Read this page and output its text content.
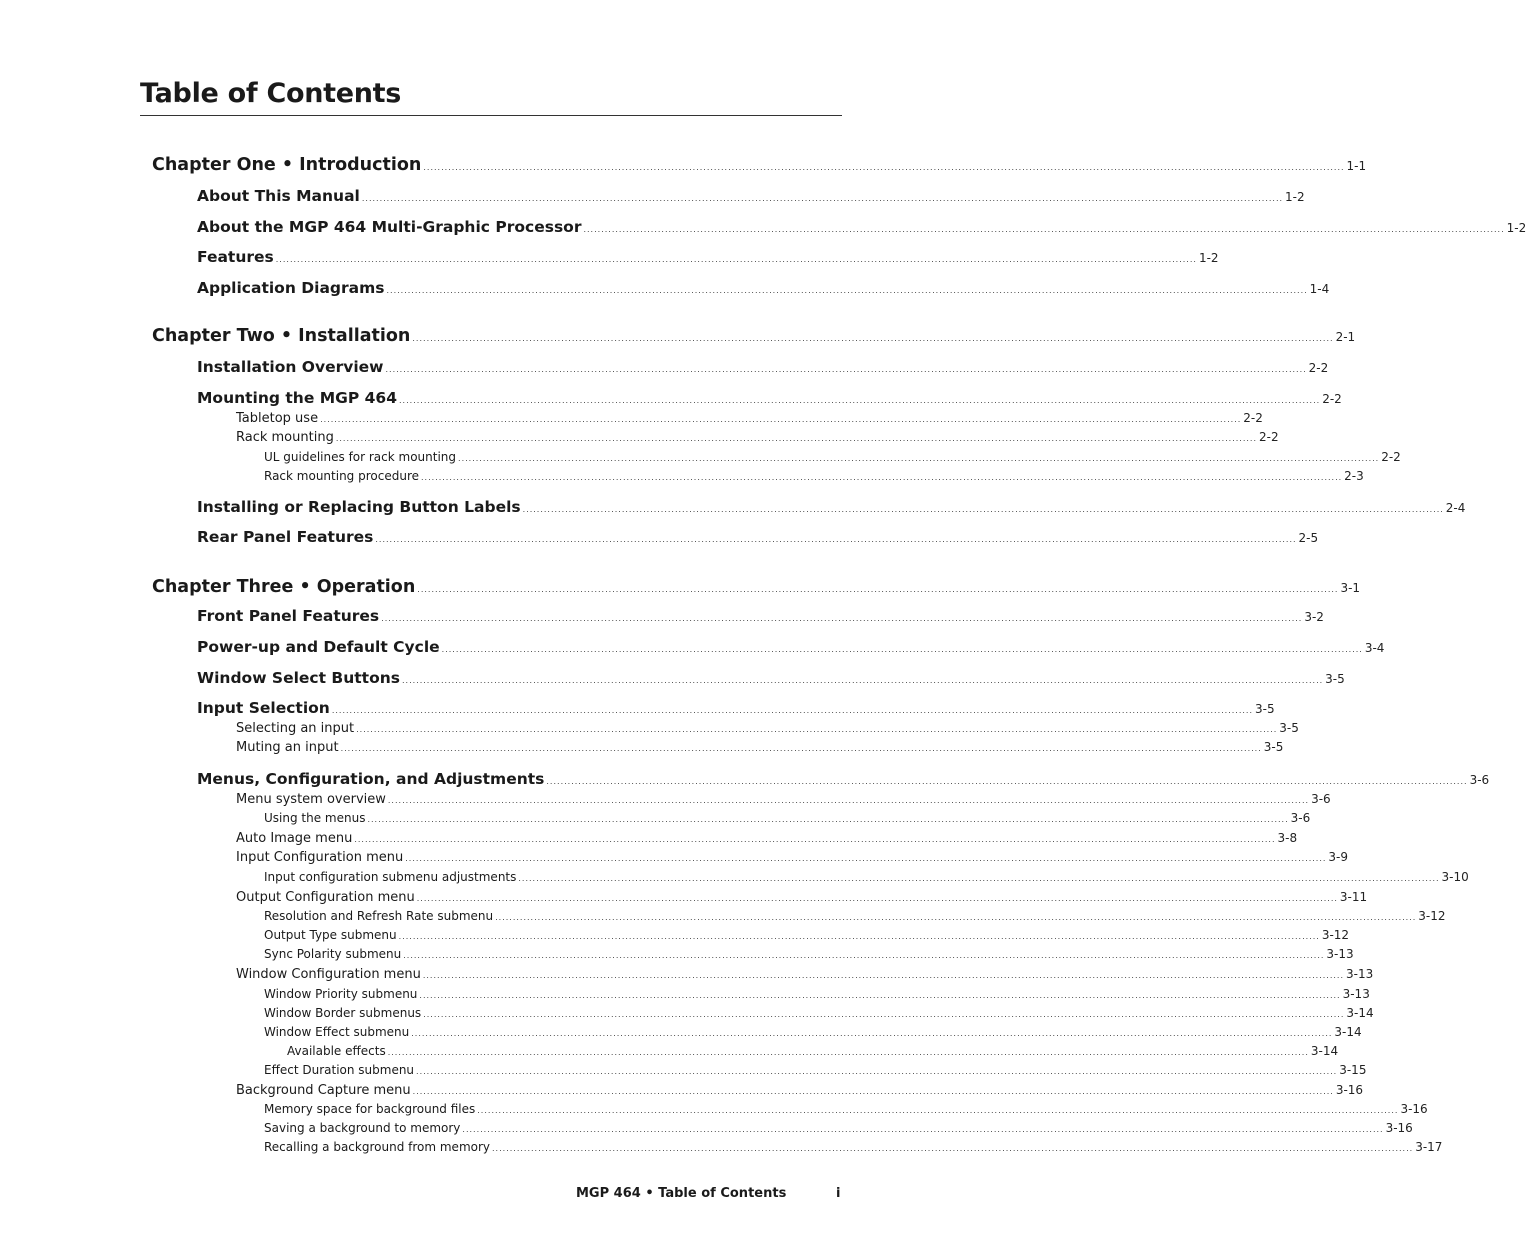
Table of Contents
Chapter One • Introduction .................................................................................................................................................................................................................................................................... 1-1
About This Manual .................................................................................................................................................................................................................................................................... 1-2
About the MGP 464 Multi-Graphic Processor .................................................................................................................................................................................................................................................................... 1-2
Features .................................................................................................................................................................................................................................................................... 1-2
Application Diagrams .................................................................................................................................................................................................................................................................... 1-4
Chapter Two • Installation .................................................................................................................................................................................................................................................................... 2-1
Installation Overview .................................................................................................................................................................................................................................................................... 2-2
Mounting the MGP 464 .................................................................................................................................................................................................................................................................... 2-2
Tabletop use .................................................................................................................................................................................................................................................................... 2-2
Rack mounting .................................................................................................................................................................................................................................................................... 2-2
UL guidelines for rack mounting .................................................................................................................................................................................................................................................................... 2-2
Rack mounting procedure .................................................................................................................................................................................................................................................................... 2-3
Installing or Replacing Button Labels .................................................................................................................................................................................................................................................................... 2-4
Rear Panel Features .................................................................................................................................................................................................................................................................... 2-5
Chapter Three • Operation .................................................................................................................................................................................................................................................................... 3-1
Front Panel Features .................................................................................................................................................................................................................................................................... 3-2
Power-up and Default Cycle .................................................................................................................................................................................................................................................................... 3-4
Window Select Buttons .................................................................................................................................................................................................................................................................... 3-5
Input Selection .................................................................................................................................................................................................................................................................... 3-5
Selecting an input .................................................................................................................................................................................................................................................................... 3-5
Muting an input .................................................................................................................................................................................................................................................................... 3-5
Menus, Configuration, and Adjustments .................................................................................................................................................................................................................................................................... 3-6
Menu system overview .................................................................................................................................................................................................................................................................... 3-6
Using the menus .................................................................................................................................................................................................................................................................... 3-6
Auto Image menu .................................................................................................................................................................................................................................................................... 3-8
Input Configuration menu .................................................................................................................................................................................................................................................................... 3-9
Input configuration submenu adjustments .................................................................................................................................................................................................................................................................... 3-10
Output Configuration menu .................................................................................................................................................................................................................................................................... 3-11
Resolution and Refresh Rate submenu .................................................................................................................................................................................................................................................................... 3-12
Output Type submenu .................................................................................................................................................................................................................................................................... 3-12
Sync Polarity submenu .................................................................................................................................................................................................................................................................... 3-13
Window Configuration menu .................................................................................................................................................................................................................................................................... 3-13
Window Priority submenu .................................................................................................................................................................................................................................................................... 3-13
Window Border submenus .................................................................................................................................................................................................................................................................... 3-14
Window Effect submenu .................................................................................................................................................................................................................................................................... 3-14
Available effects .................................................................................................................................................................................................................................................................... 3-14
Effect Duration submenu .................................................................................................................................................................................................................................................................... 3-15
Background Capture menu .................................................................................................................................................................................................................................................................... 3-16
Memory space for background files .................................................................................................................................................................................................................................................................... 3-16
Saving a background to memory .................................................................................................................................................................................................................................................................... 3-16
Recalling a background from memory .................................................................................................................................................................................................................................................................... 3-17
MGP 464 • Table of Contents	i
